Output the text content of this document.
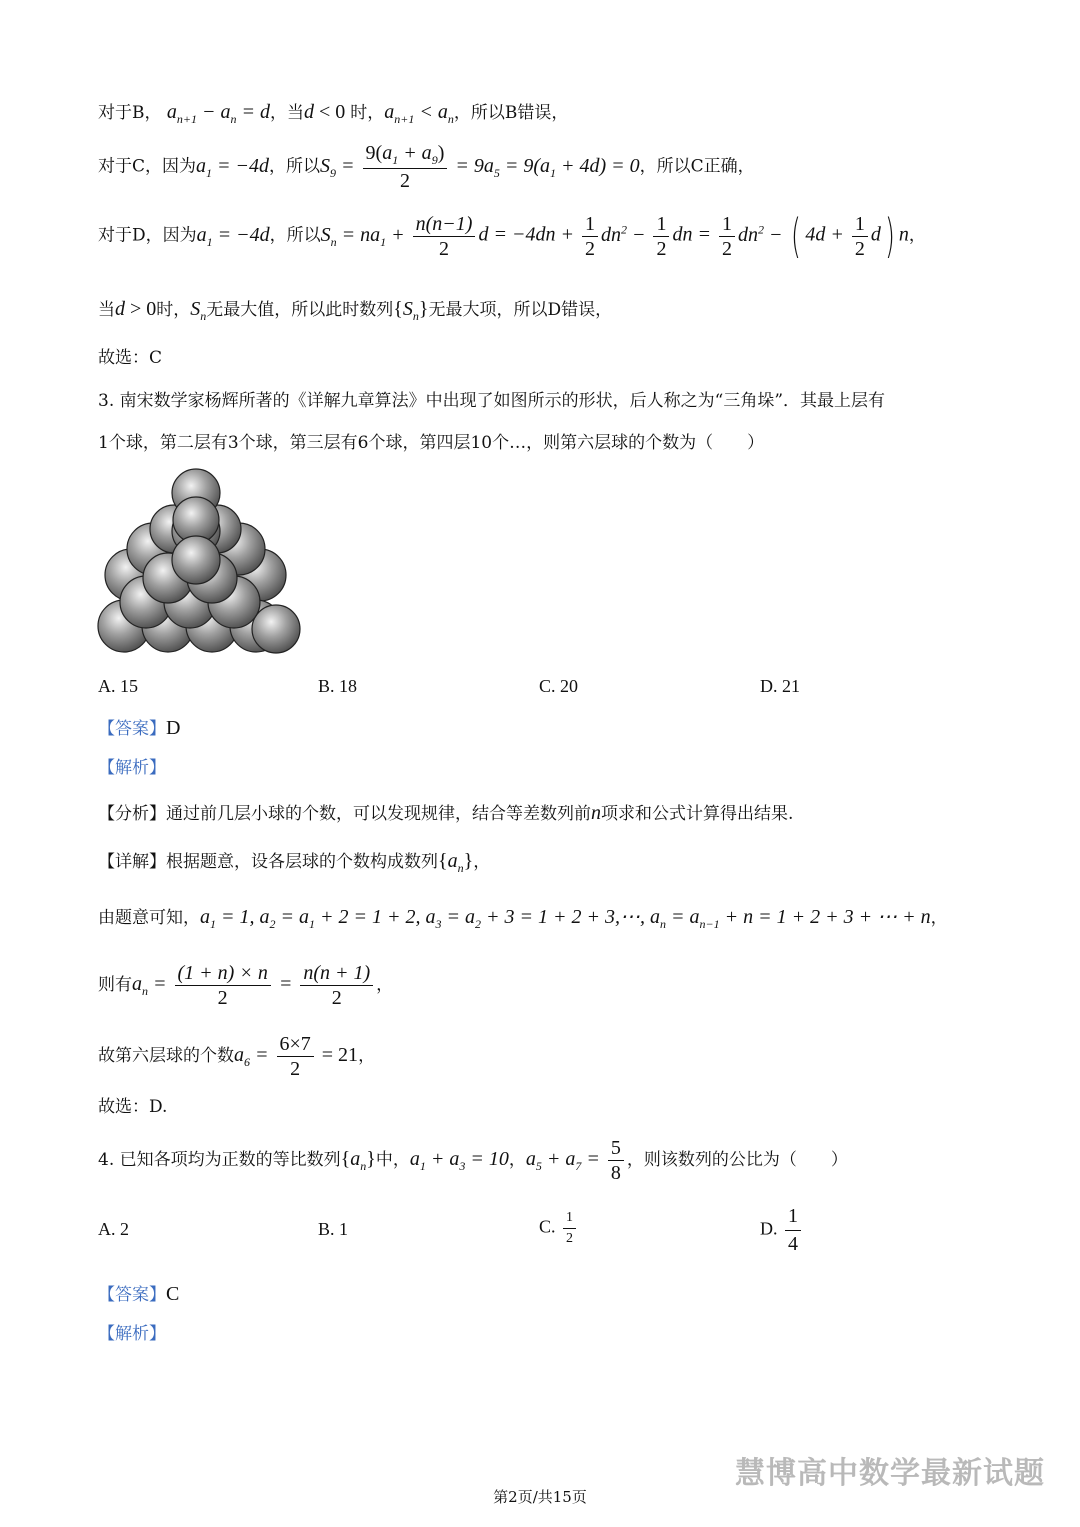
对于B， $a_{n+1} - a_n = d$，当d < 0 时，$a_{n+1} < a_n$，所以B错误，
对于C，因为$a_1 = -4d$，所以$S_9 = \frac{9(a_1 + a_9)}{2} = 9a_5 = 9(a_1 + 4d) = 0$，所以C正确，
对于D，因为$a_1 = -4d$，所以$S_n = na_1 + \frac{n(n-1)}{2}$ $d = -4dn + \frac{1}{2} dn^2 - \frac{1}{2}$ dn = $\frac{1}{2} dn^2$ − ( $4d + \frac{1}{2} d$) n，
当d > 0时，$S_n$无最大值，所以此时数列$\{S_n\}$无最大项，所以D错误，
故选：C
3. 南宋数学家杨辉所著的《详解九章算法》中出现了如图所示的形状，后人称之为“三角垛”．其最上层有
1个球，第二层有3个球，第三层有6个球，第四层10个…，则第六层球的个数为（　　）
A. 15	B. 18	C. 20	D. 21
【答案】D
【解析】
【分析】通过前几层小球的个数，可以发现规律，结合等差数列前n项求和公式计算得出结果.
【详解】根据题意，设各层球的个数构成数列$\{a_n\}$，
由题意可知，$a_1 = 1$, $a_2 = a_1 + 2 = 1 + 2$, $a_3 = a_2 + 3 = 1 + 2$ + 3,⋯, $a_n = a_{n-1} + n = 1 + 2 + 3$ + ⋯ + n，
则有$a_n = \frac{(1 + n) \times n}{2} = \frac{n(n + 1)}{2}$ ，
故第六层球的个数$a_6 = \frac{6\times 7}{2} = 21$，
故选：D.
4. 已知各项均为正数的等比数列$\{a_n\}$中，$a_1 + a_3 = 10$，$a_5 + a_7 = \frac{5}{8}$ ，则该数列的公比为（　　）
A. 2	B. 1	C. $\frac{1}{2}$	D. $\frac{1}{4}$
【答案】C
【解析】
慧博高中数学最新试题
第2页/共15页
